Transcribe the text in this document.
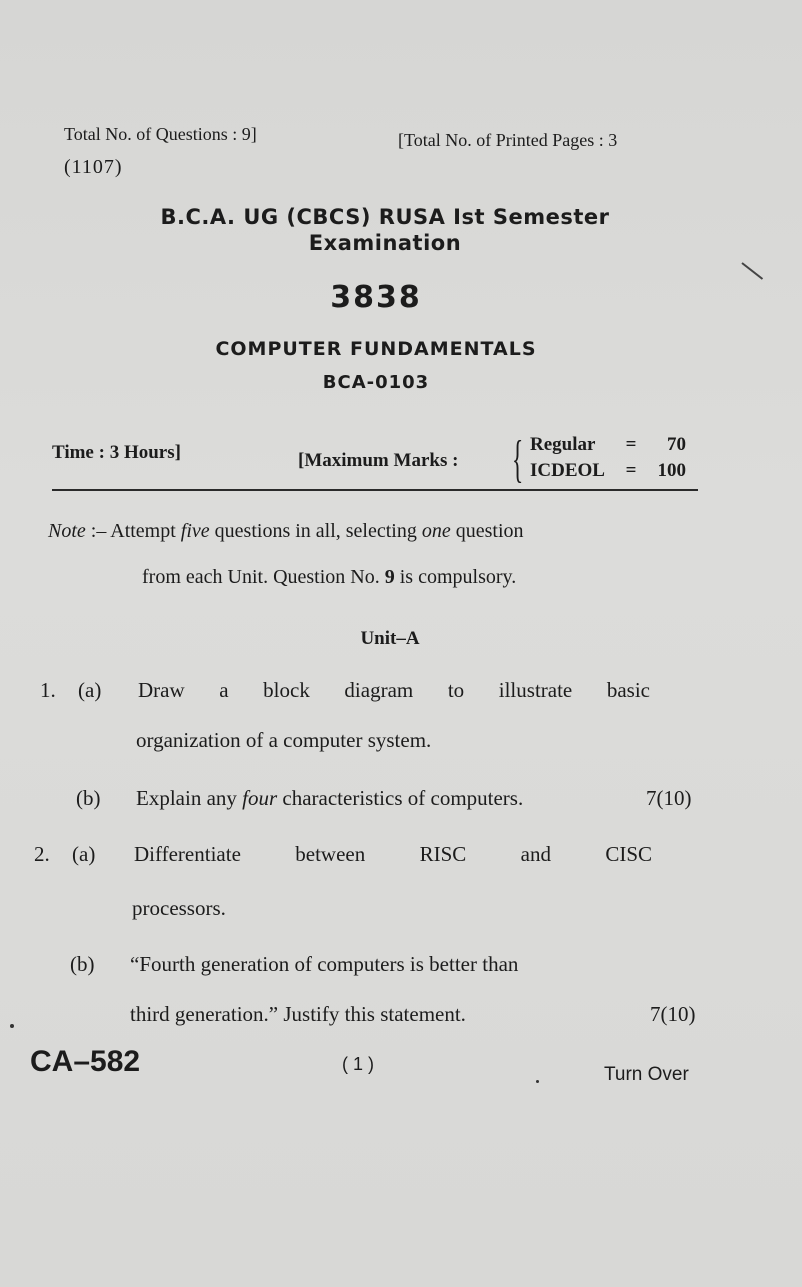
Total No. of Questions : 9]	[Total No. of Printed Pages : 3
(1107)
B.C.A. UG (CBCS) RUSA Ist Semester Examination
3838
COMPUTER FUNDAMENTALS
BCA-0103
Time : 3 Hours]	[Maximum Marks : { Regular = 70
ICDEOL = 100
Note :– Attempt five questions in all, selecting one question
from each Unit. Question No. 9 is compulsory.
Unit–A
1. (a) Draw a block diagram to illustrate basic
organization of a computer system.
(b) Explain any four characteristics of computers.	7(10)
2. (a) Differentiate	between	RISC	and	CISC
processors.
(b) “Fourth generation of computers is better than
third generation.” Justify this statement.	7(10)
CA–582	( 1 )	Turn Over
